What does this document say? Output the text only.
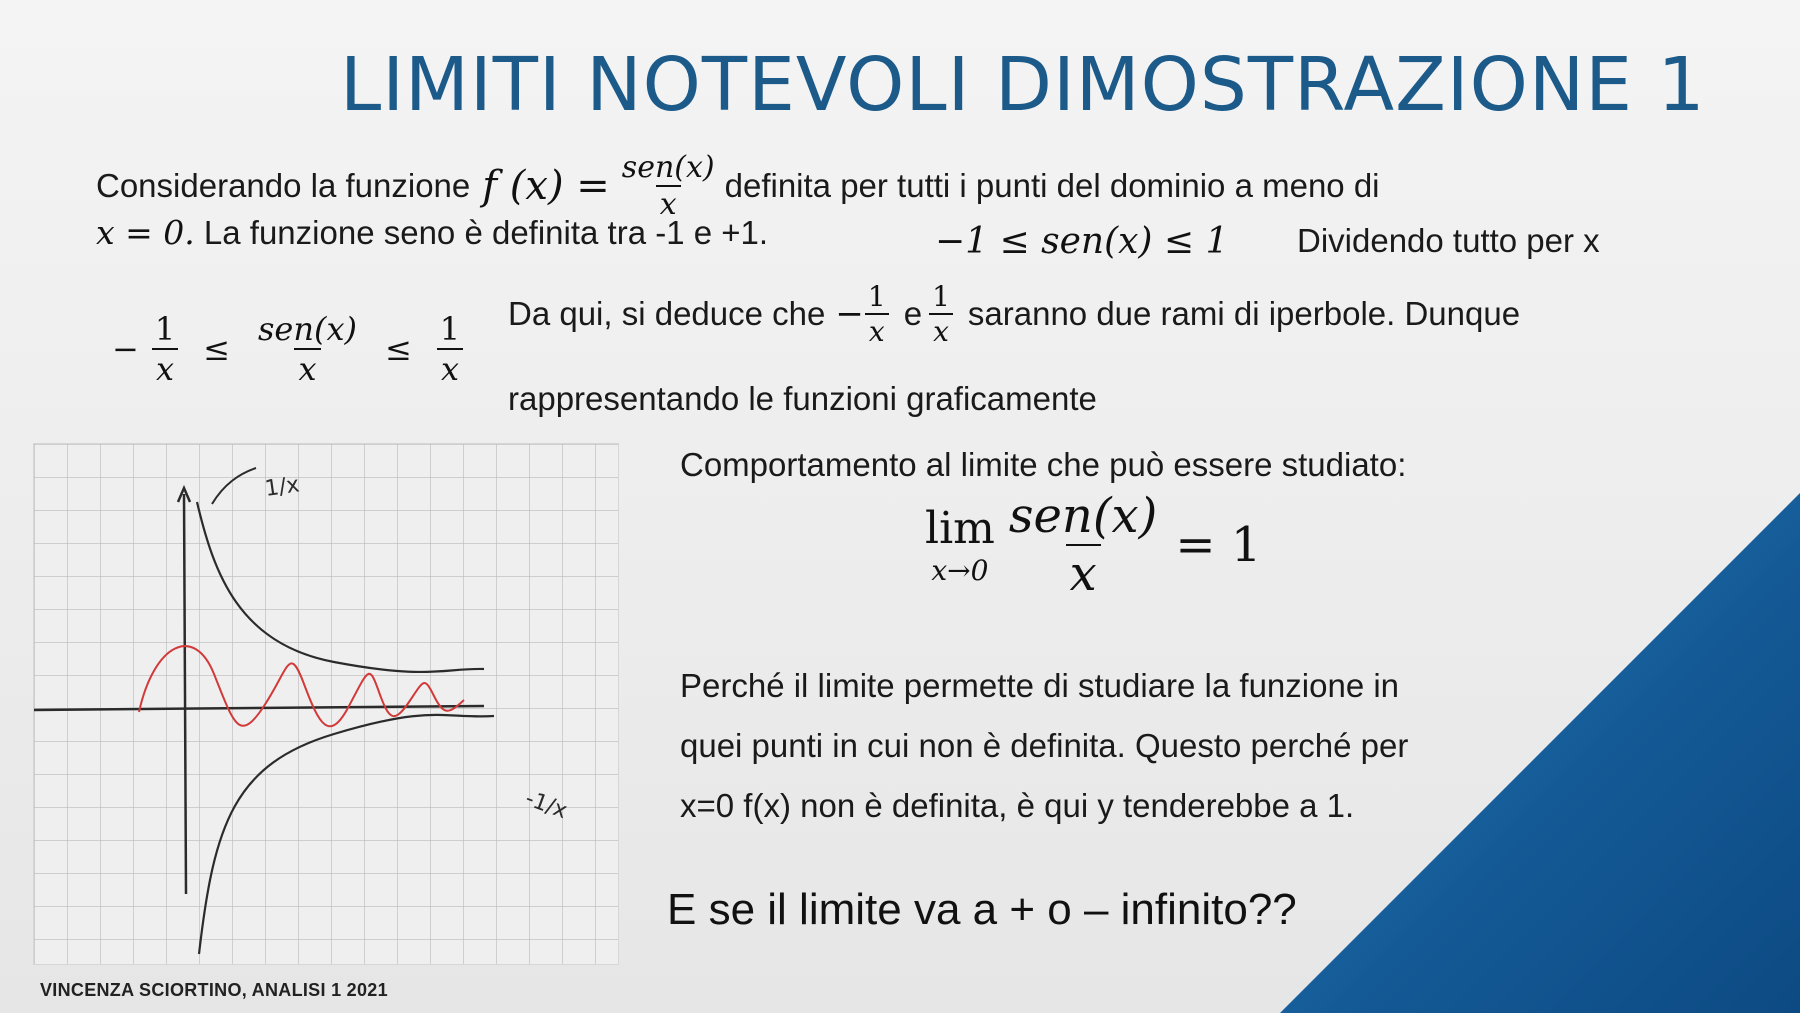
LIMITI NOTEVOLI DIMOSTRAZIONE 1
Considerando la funzione f $(x) = \frac{\text{sen(x)}}{x}$ definita per tutti i punti del dominio a meno di
x = 0. La funzione seno è definita tra -1 e +1.	−1 ≤ sen(x) ≤ 1 Dividendo tutto per x
− $\frac{1}{x} \le \frac{\text{sen(x)}}{x} \le \frac{1}{x}$ Da qui, si deduce che − $\frac{1}{x}$ e $\frac{1}{x}$ saranno due rami di iperbole. Dunque
rappresentando le funzioni graficamente
1/x
-1/x
Comportamento al limite che può essere studiato:
lim
$x\to 0 \frac{\text{sen(x)}}{x} = 1$
Perché il limite permette di studiare la funzione in
quei punti in cui non è definita. Questo perché per
x=0 f(x) non è definita, è qui y tenderebbe a 1.
E se il limite va a + o – infinito??
VINCENZA SCIORTINO, ANALISI 1 2021
